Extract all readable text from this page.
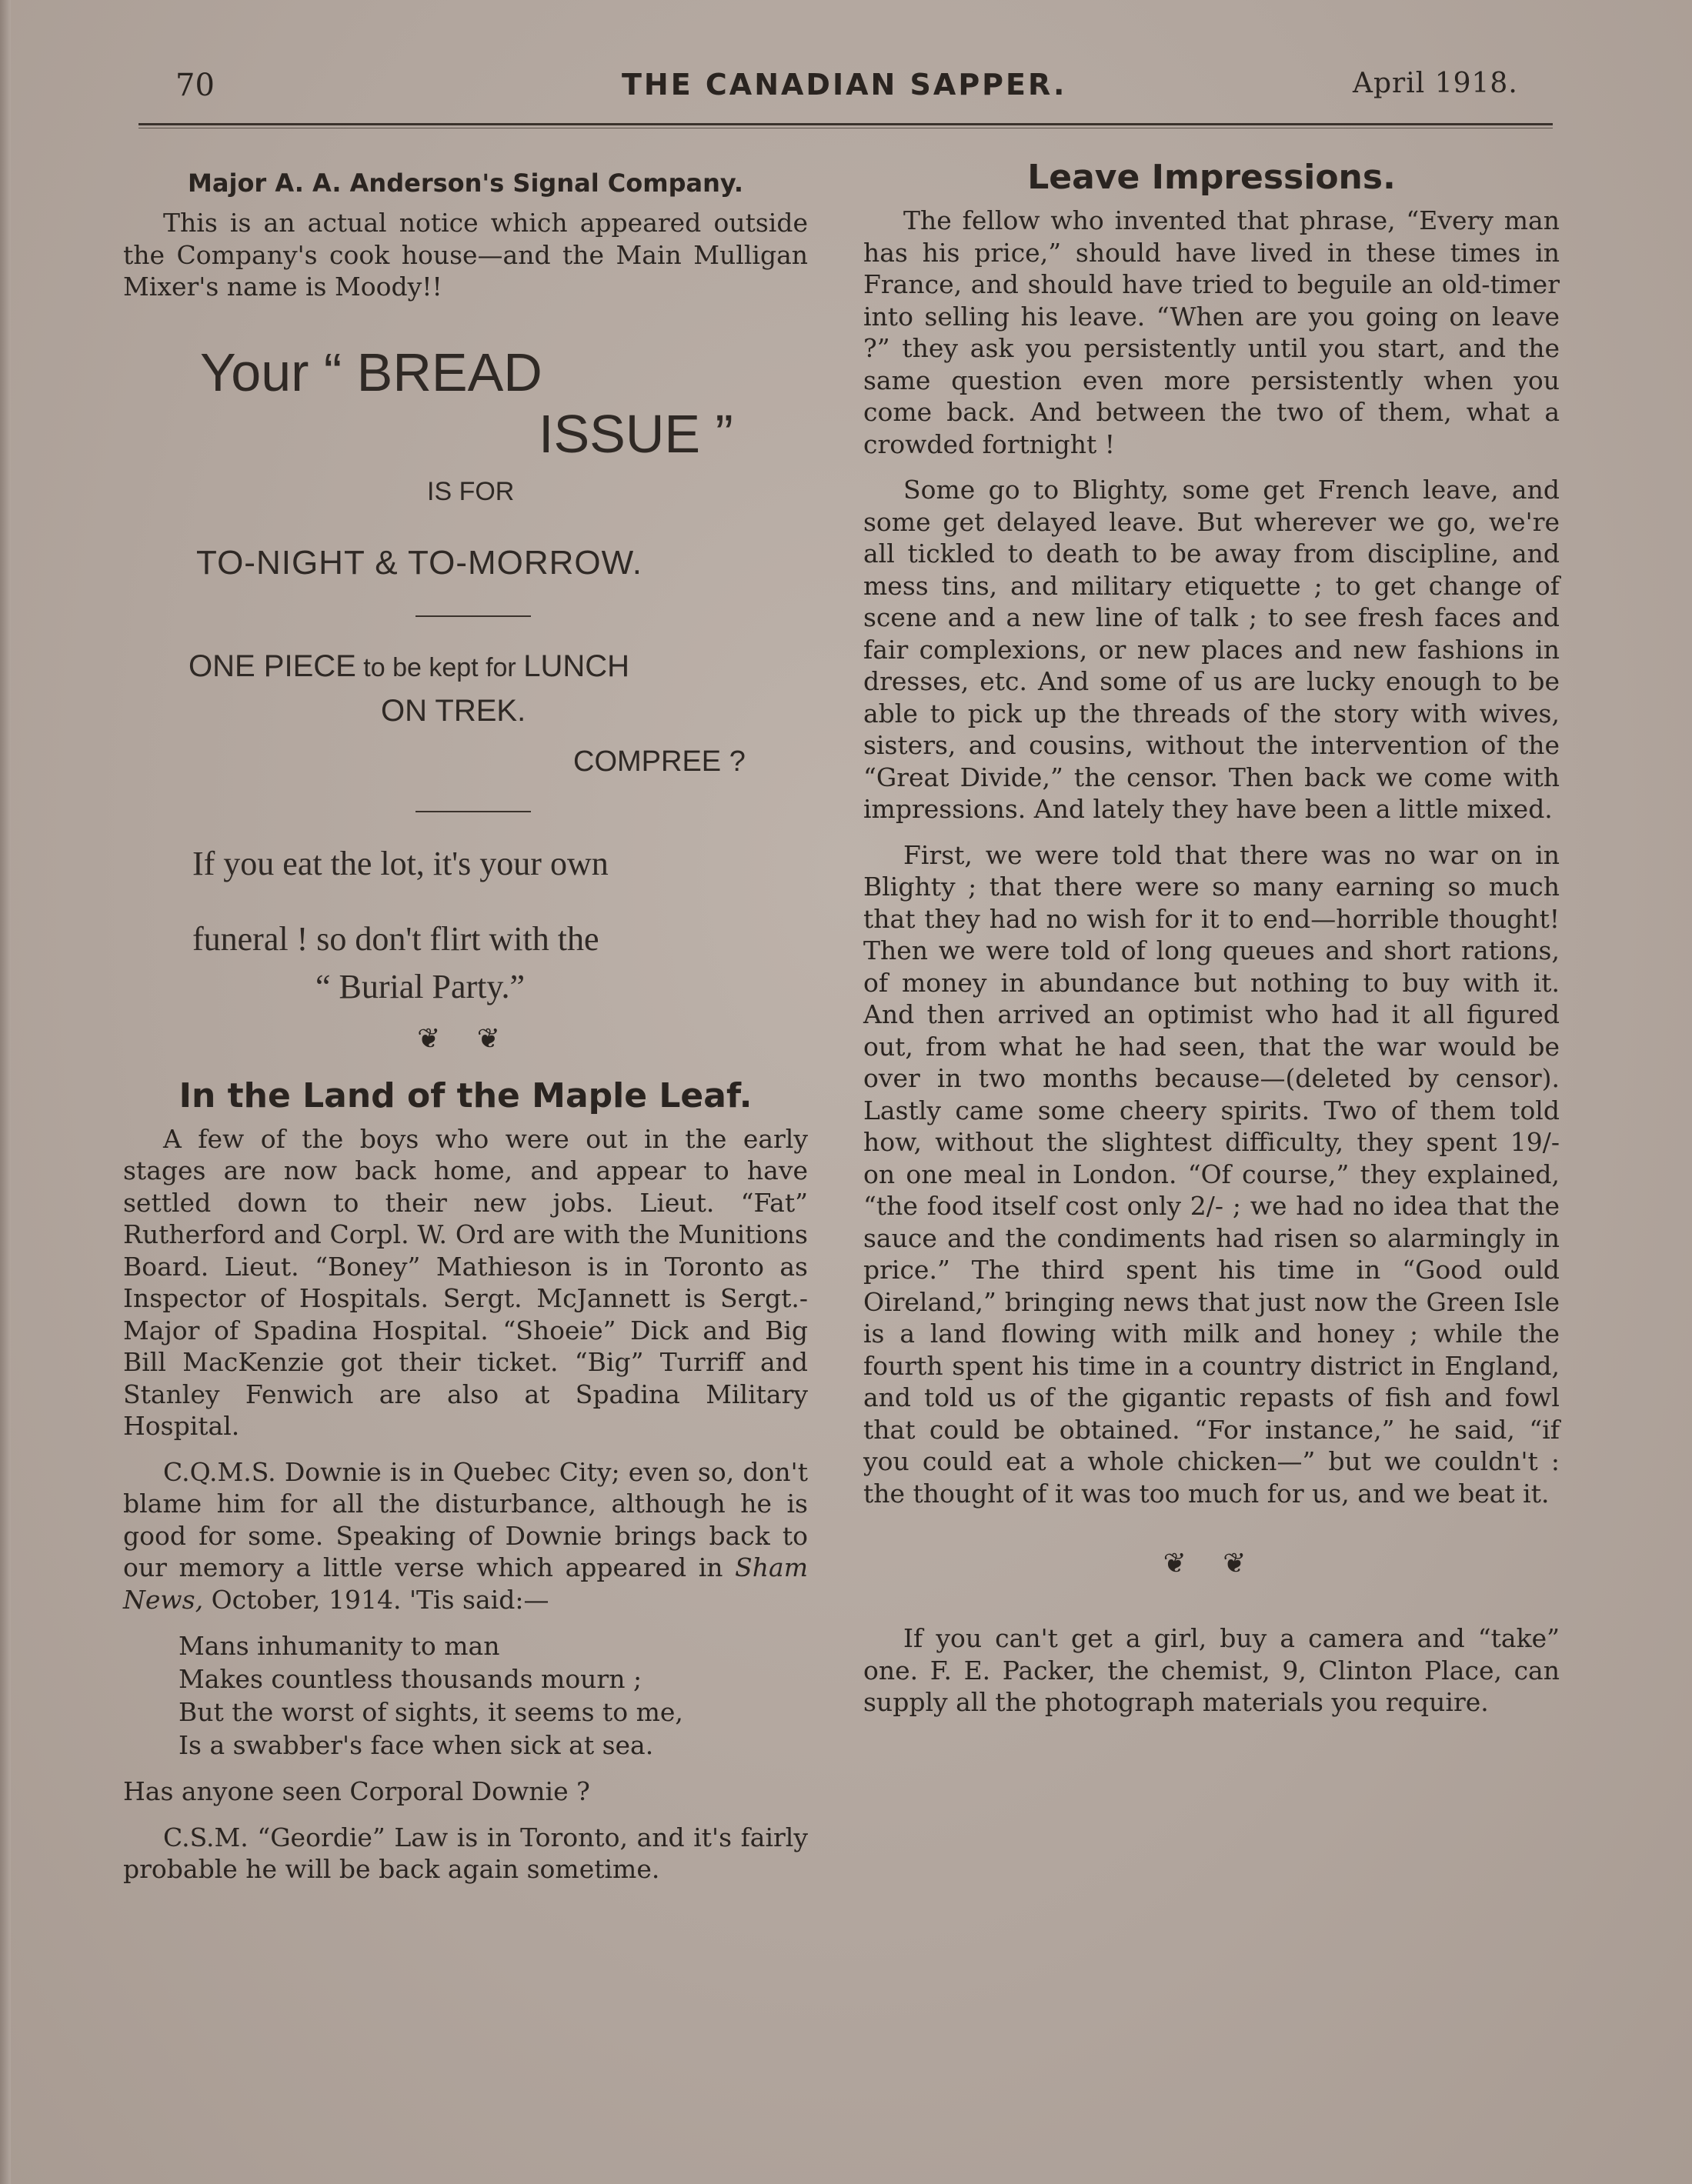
70	THE CANADIAN SAPPER.	April 1918.
Major A. A. Anderson's Signal Company.

This is an actual notice which appeared outside the Company's cook house—and the Main Mulligan Mixer's name is Moody!!

Your “ BREAD
ISSUE ”
IS FOR
TO-NIGHT & TO-MORROW.
ONE PIECE to be kept for LUNCH
ON TREK.
COMPREE ?
If you eat the lot, it's your own
funeral ! so don't flirt with the
“ Burial Party.”
❦ ❦
In the Land of the Maple Leaf.

A few of the boys who were out in the early stages are now back home, and appear to have settled down to their new jobs. Lieut. “Fat” Rutherford and Corpl. W. Ord are with the Munitions Board. Lieut. “Boney” Mathieson is in Toronto as Inspector of Hospitals. Sergt. McJannett is Sergt.-Major of Spadina Hospital. “Shoeie” Dick and Big Bill MacKenzie got their ticket. “Big” Turriff and Stanley Fenwich are also at Spadina Military Hospital.

C.Q.M.S. Downie is in Quebec City; even so, don't blame him for all the disturbance, although he is good for some. Speaking of Downie brings back to our memory a little verse which appeared in Sham News, October, 1914. 'Tis said:—

Mans inhumanity to man
Makes countless thousands mourn ;
But the worst of sights, it seems to me,
Is a swabber's face when sick at sea.

Has anyone seen Corporal Downie ?

C.S.M. “Geordie” Law is in Toronto, and it's fairly probable he will be back again sometime.

Leave Impressions.

The fellow who invented that phrase, “Every man has his price,” should have lived in these times in France, and should have tried to beguile an old-timer into selling his leave. “When are you going on leave ?” they ask you persistently until you start, and the same question even more persistently when you come back. And between the two of them, what a crowded fortnight !

Some go to Blighty, some get French leave, and some get delayed leave. But wherever we go, we're all tickled to death to be away from discipline, and mess tins, and military etiquette ; to get change of scene and a new line of talk ; to see fresh faces and fair complexions, or new places and new fashions in dresses, etc. And some of us are lucky enough to be able to pick up the threads of the story with wives, sisters, and cousins, without the intervention of the “Great Divide,” the censor. Then back we come with impressions. And lately they have been a little mixed.

First, we were told that there was no war on in Blighty ; that there were so many earning so much that they had no wish for it to end—horrible thought! Then we were told of long queues and short rations, of money in abundance but nothing to buy with it. And then arrived an optimist who had it all figured out, from what he had seen, that the war would be over in two months because—(deleted by censor). Lastly came some cheery spirits. Two of them told how, without the slightest difficulty, they spent 19/- on one meal in London. “Of course,” they explained, “the food itself cost only 2/- ; we had no idea that the sauce and the condiments had risen so alarmingly in price.” The third spent his time in “Good ould Oireland,” bringing news that just now the Green Isle is a land flowing with milk and honey ; while the fourth spent his time in a country district in England, and told us of the gigantic repasts of fish and fowl that could be obtained. “For instance,” he said, “if you could eat a whole chicken—” but we couldn't : the thought of it was too much for us, and we beat it.

❦ ❦

If you can't get a girl, buy a camera and “take” one. F. E. Packer, the chemist, 9, Clinton Place, can supply all the photograph materials you require.
